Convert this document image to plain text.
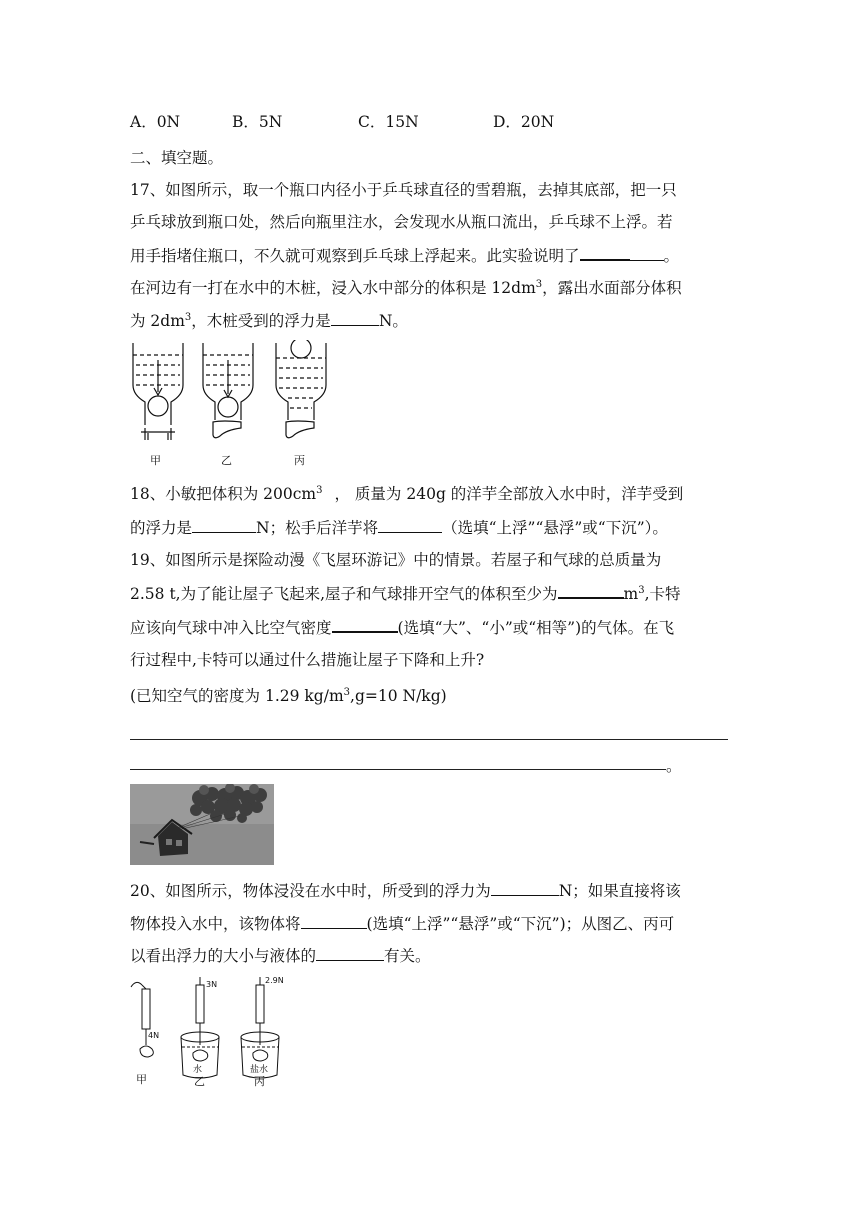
A．0N	B．5N	C．15N	D．20N
二、填空题。
17、如图所示，取一个瓶口内径小于乒乓球直径的雪碧瓶，去掉其底部，把一只
乒乓球放到瓶口处，然后向瓶里注水，会发现水从瓶口流出，乒乓球不上浮。若
用手指堵住瓶口，不久就可观察到乒乓球上浮起来。此实验说明了	。
在河边有一打在水中的木桩，浸入水中部分的体积是 $12dm^3$，露出水面部分体积
为 $2dm^3$，木桩受到的浮力是	N。
甲	乙	丙
18、小敏把体积为 $200cm^3$ ， 质量为 240g 的洋芋全部放入水中时，洋芋受到
的浮力是	N；松手后洋芋将	（选填“上浮”“悬浮”或“下沉”）。
19、如图所示是探险动漫《飞屋环游记》中的情景。若屋子和气球的总质量为
2.58 t,为了能让屋子飞起来,屋子和气球排开空气的体积至少为	$m^3$,卡特
应该向气球中冲入比空气密度	(选填“大”、“小”或“相等”)的气体。在飞
行过程中,卡特可以通过什么措施让屋子下降和上升?
(已知空气的密度为 1.29 $kg/m^3,g=10$ N/kg)
。
20、如图所示，物体浸没在水中时，所受到的浮力为	N；如果直接将该
物体投入水中，该物体将	(选填“上浮”“悬浮”或“下沉”)；从图乙、丙可
以看出浮力的大小与液体的	有关。
4N
3N	2.9N
水	盐水
甲	乙	丙
